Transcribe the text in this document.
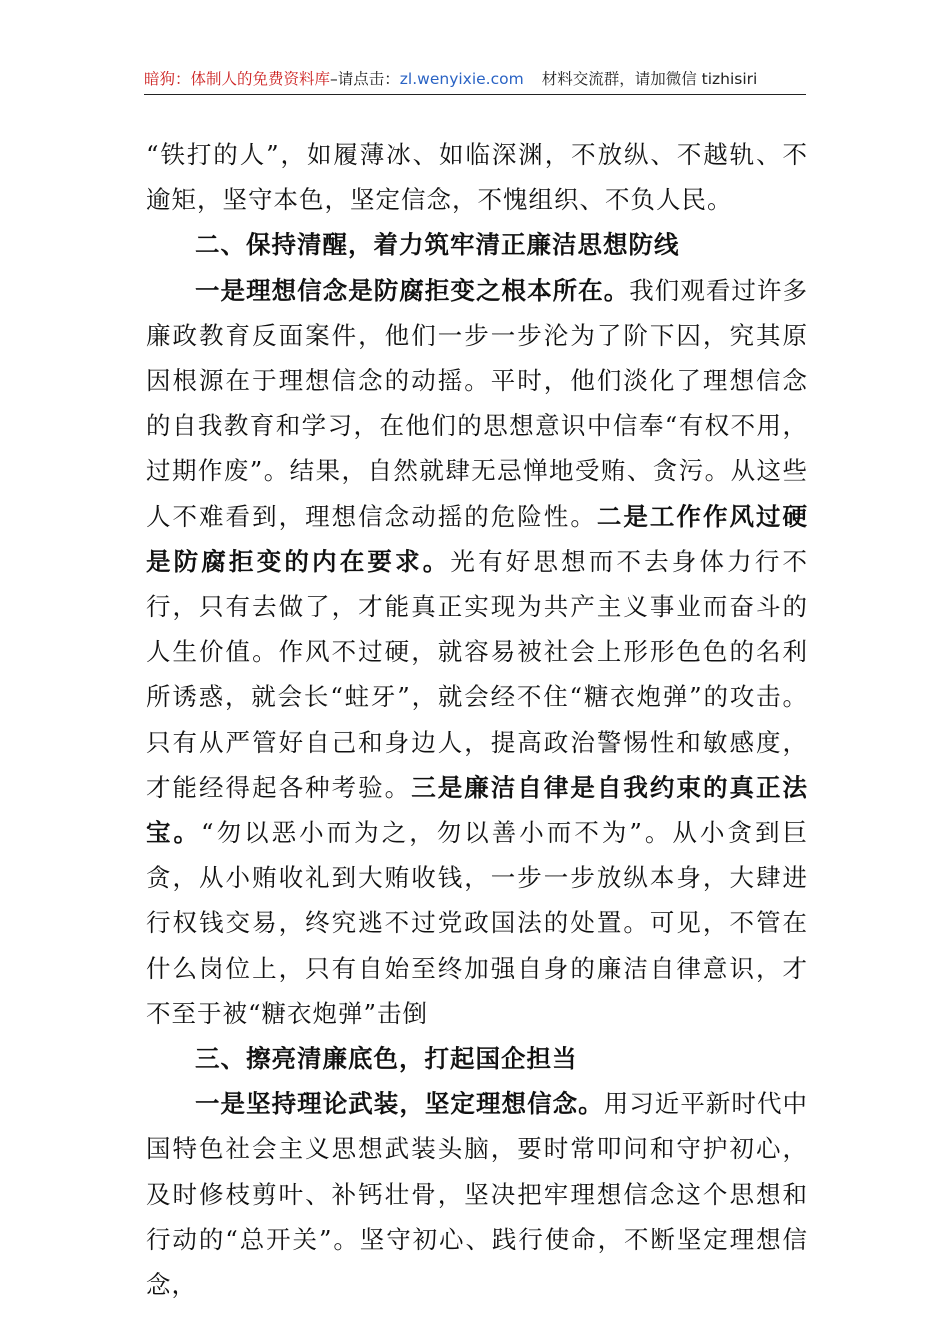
暗狗：体制人的免费资料库–请点击：zl.wenyixie.com 材料交流群，请加微信 tizhisiri

“铁打的人”，如履薄冰、如临深渊，不放纵、不越轨、不逾矩，坚守本色，坚定信念，不愧组织、不负人民。

二、保持清醒，着力筑牢清正廉洁思想防线

一是理想信念是防腐拒变之根本所在。我们观看过许多廉政教育反面案件，他们一步一步沦为了阶下囚，究其原因根源在于理想信念的动摇。平时，他们淡化了理想信念的自我教育和学习，在他们的思想意识中信奉“有权不用，过期作废”。结果，自然就肆无忌惮地受贿、贪污。从这些人不难看到，理想信念动摇的危险性。二是工作作风过硬是防腐拒变的内在要求。光有好思想而不去身体力行不行，只有去做了，才能真正实现为共产主义事业而奋斗的人生价值。作风不过硬，就容易被社会上形形色色的名利所诱惑，就会长“蛀牙”，就会经不住“糖衣炮弹”的攻击。只有从严管好自己和身边人，提高政治警惕性和敏感度，才能经得起各种考验。三是廉洁自律是自我约束的真正法宝。“勿以恶小而为之，勿以善小而不为”。从小贪到巨贪，从小贿收礼到大贿收钱，一步一步放纵本身，大肆进行权钱交易，终究逃不过党政国法的处置。可见，不管在什么岗位上，只有自始至终加强自身的廉洁自律意识，才不至于被“糖衣炮弹”击倒

三、擦亮清廉底色，打起国企担当

一是坚持理论武装，坚定理想信念。用习近平新时代中国特色社会主义思想武装头脑，要时常叩问和守护初心，及时修枝剪叶、补钙壮骨，坚决把牢理想信念这个思想和行动的“总开关”。坚守初心、践行使命，不断坚定理想信念，
